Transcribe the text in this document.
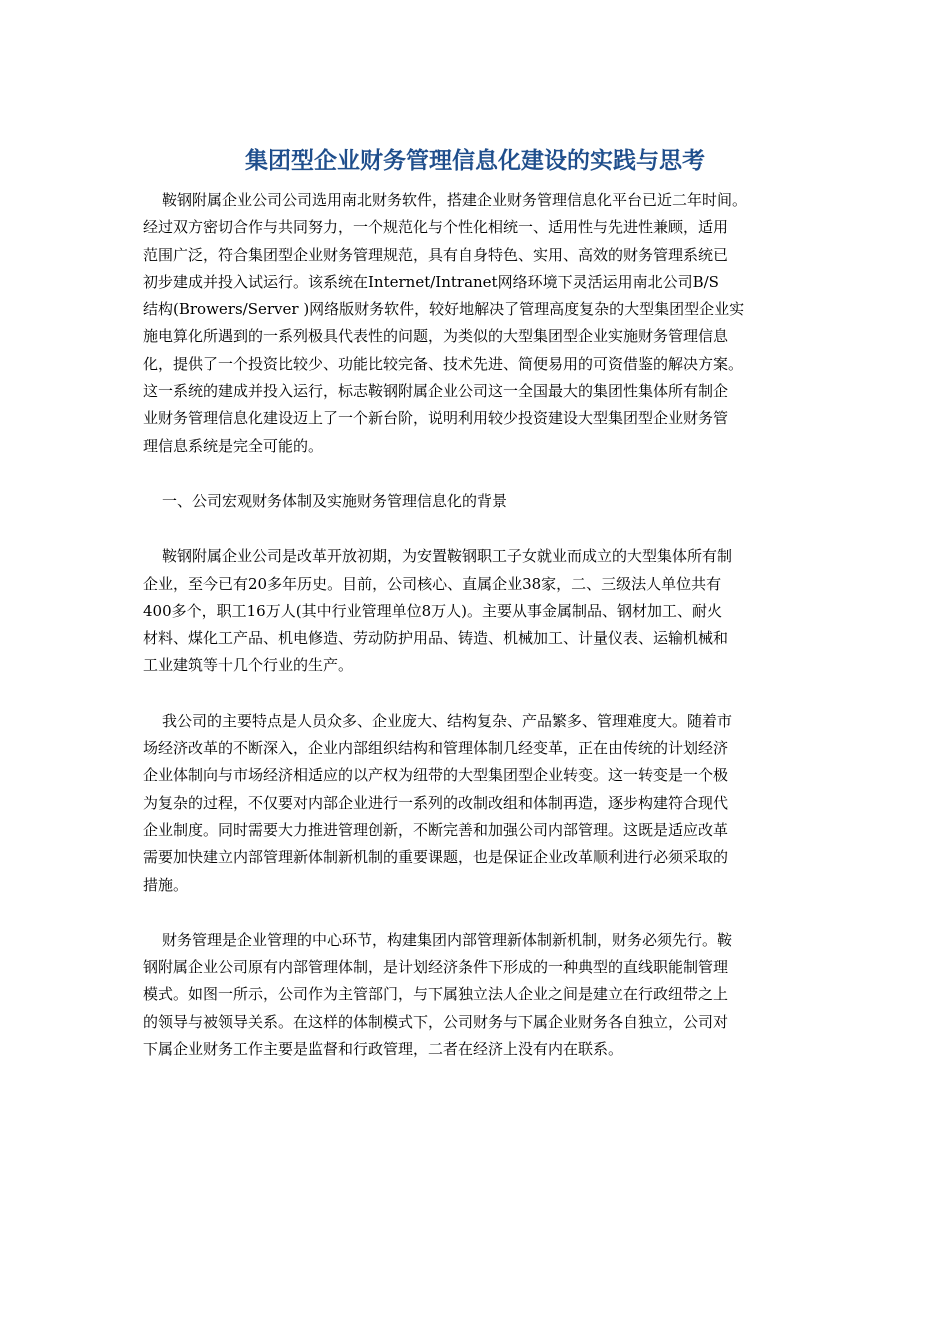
集团型企业财务管理信息化建设的实践与思考
鞍钢附属企业公司公司选用南北财务软件，搭建企业财务管理信息化平台已近二年时间。
经过双方密切合作与共同努力，一个规范化与个性化相统一、适用性与先进性兼顾，适用
范围广泛，符合集团型企业财务管理规范，具有自身特色、实用、高效的财务管理系统已
初步建成并投入试运行。该系统在Internet/Intranet网络环境下灵活运用南北公司B/S
结构(Browers/Server )网络版财务软件，较好地解决了管理高度复杂的大型集团型企业实
施电算化所遇到的一系列极具代表性的问题，为类似的大型集团型企业实施财务管理信息
化，提供了一个投资比较少、功能比较完备、技术先进、简便易用的可资借鉴的解决方案。
这一系统的建成并投入运行，标志鞍钢附属企业公司这一全国最大的集团性集体所有制企
业财务管理信息化建设迈上了一个新台阶，说明利用较少投资建设大型集团型企业财务管
理信息系统是完全可能的。
一、公司宏观财务体制及实施财务管理信息化的背景
鞍钢附属企业公司是改革开放初期，为安置鞍钢职工子女就业而成立的大型集体所有制
企业，至今已有20多年历史。目前，公司核心、直属企业38家，二、三级法人单位共有
400多个，职工16万人(其中行业管理单位8万人)。主要从事金属制品、钢材加工、耐火
材料、煤化工产品、机电修造、劳动防护用品、铸造、机械加工、计量仪表、运输机械和
工业建筑等十几个行业的生产。
我公司的主要特点是人员众多、企业庞大、结构复杂、产品繁多、管理难度大。随着市
场经济改革的不断深入，企业内部组织结构和管理体制几经变革，正在由传统的计划经济
企业体制向与市场经济相适应的以产权为纽带的大型集团型企业转变。这一转变是一个极
为复杂的过程，不仅要对内部企业进行一系列的改制改组和体制再造，逐步构建符合现代
企业制度。同时需要大力推进管理创新，不断完善和加强公司内部管理。这既是适应改革
需要加快建立内部管理新体制新机制的重要课题，也是保证企业改革顺利进行必须采取的
措施。
财务管理是企业管理的中心环节，构建集团内部管理新体制新机制，财务必须先行。鞍
钢附属企业公司原有内部管理体制，是计划经济条件下形成的一种典型的直线职能制管理
模式。如图一所示，公司作为主管部门，与下属独立法人企业之间是建立在行政纽带之上
的领导与被领导关系。在这样的体制模式下，公司财务与下属企业财务各自独立，公司对
下属企业财务工作主要是监督和行政管理，二者在经济上没有内在联系。
